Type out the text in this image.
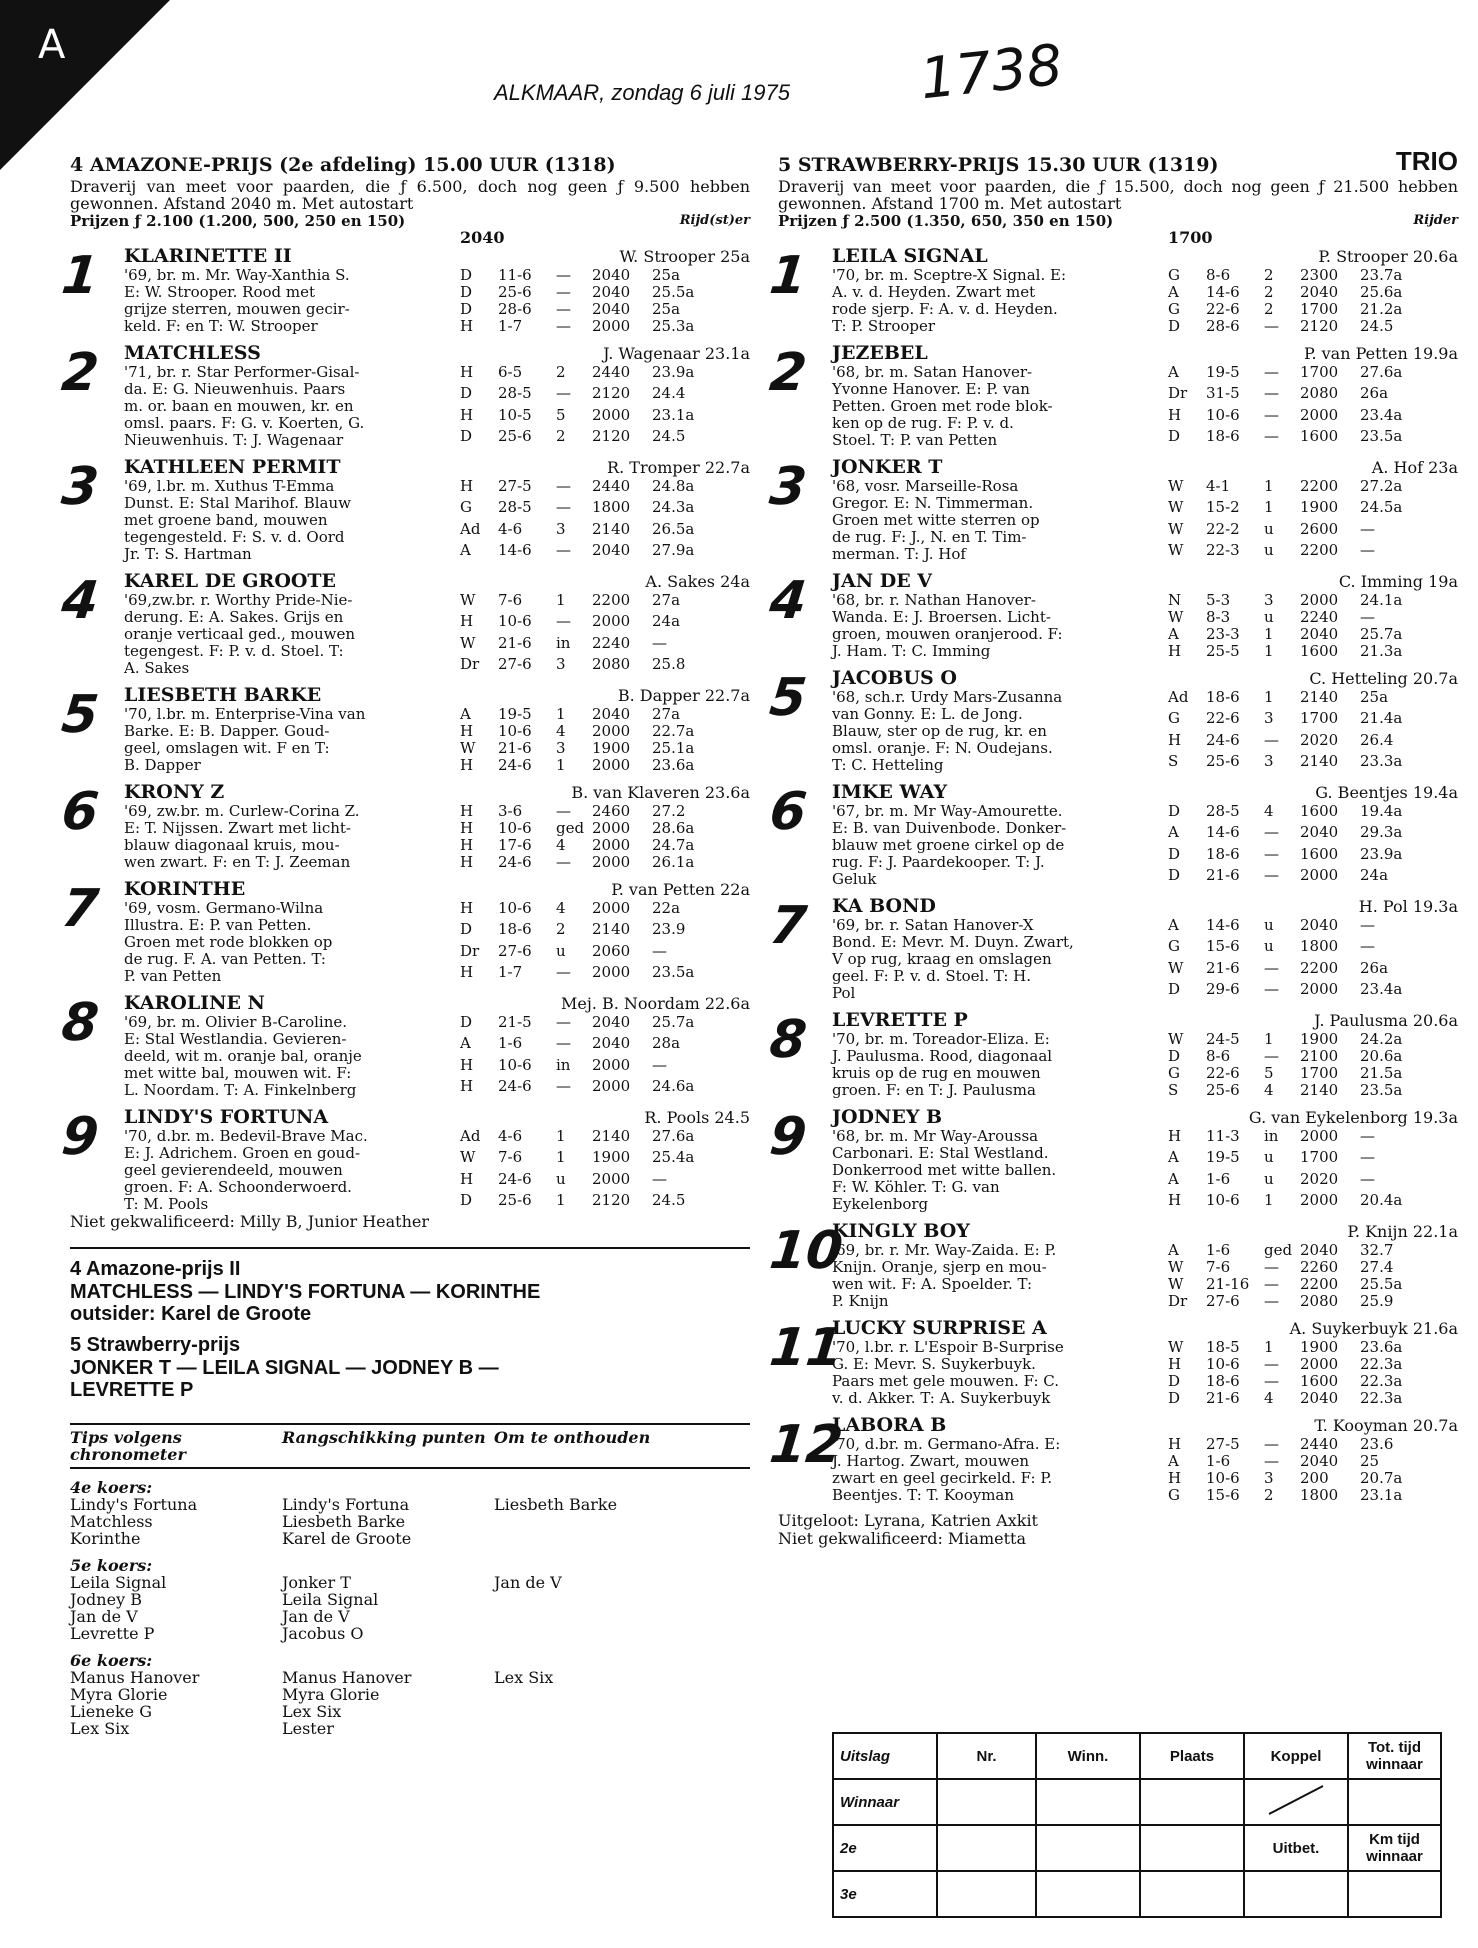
A
ALKMAAR, zondag 6 juli 1975 1738
4 AMAZONE-PRIJS (2e afdeling) 15.00 UUR (1318)
Draverij van meet voor paarden, die ƒ 6.500, doch nog geen ƒ 9.500 hebben gewonnen. Afstand 2040 m. Met autostart
Prijzen ƒ 2.100 (1.200, 500, 250 en 150)	Rijd(st)er
2040
1 KLARINETTE II	W. Strooper 25a
'69, br. m. Mr. Way-Xanthia S.
E: W. Strooper. Rood met
grijze sterren, mouwen gecir-
keld. F: en T: W. Strooper
D	11-6	—	2040	25a
D	25-6	—	2040	25.5a
D	28-6	—	2040	25a
H	1-7	—	2000	25.3a
2 MATCHLESS	J. Wagenaar 23.1a
'71, br. r. Star Performer-Gisal-
da. E: G. Nieuwenhuis. Paars
m. or. baan en mouwen, kr. en
omsl. paars. F: G. v. Koerten, G.
Nieuwenhuis. T: J. Wagenaar
H	6-5	2	2440	23.9a
D	28-5	—	2120	24.4
H	10-5	5	2000	23.1a
D	25-6	2	2120	24.5
3 KATHLEEN PERMIT	R. Tromper 22.7a
'69, l.br. m. Xuthus T-Emma
Dunst. E: Stal Marihof. Blauw
met groene band, mouwen
tegengesteld. F: S. v. d. Oord
Jr. T: S. Hartman
H	27-5	—	2440	24.8a
G	28-5	—	1800	24.3a
Ad	4-6	3	2140	26.5a
A	14-6	—	2040	27.9a
4 KAREL DE GROOTE	A. Sakes 24a
'69,zw.br. r. Worthy Pride-Nie-
derung. E: A. Sakes. Grijs en
oranje verticaal ged., mouwen
tegengest. F: P. v. d. Stoel. T:
A. Sakes
W	7-6	1	2200	27a
H	10-6	—	2000	24a
W	21-6	in	2240	—
Dr	27-6	3	2080	25.8
5 LIESBETH BARKE	B. Dapper 22.7a
'70, l.br. m. Enterprise-Vina van
Barke. E: B. Dapper. Goud-
geel, omslagen wit. F en T:
B. Dapper
A	19-5	1	2040	27a
H	10-6	4	2000	22.7a
W	21-6	3	1900	25.1a
H	24-6	1	2000	23.6a
6 KRONY Z	B. van Klaveren 23.6a
'69, zw.br. m. Curlew-Corina Z.
E: T. Nijssen. Zwart met licht-
blauw diagonaal kruis, mou-
wen zwart. F: en T: J. Zeeman
H	3-6	—	2460	27.2
H	10-6	ged 2000	28.6a
H	17-6	4	2000	24.7a
H	24-6	—	2000	26.1a
7 KORINTHE	P. van Petten 22a
'69, vosm. Germano-Wilna
Illustra. E: P. van Petten.
Groen met rode blokken op
de rug. F. A. van Petten. T:
P. van Petten
H	10-6	4	2000	22a
D	18-6	2	2140	23.9
Dr	27-6	u	2060	—
H	1-7	—	2000	23.5a
8 KAROLINE N	Mej. B. Noordam 22.6a
'69, br. m. Olivier B-Caroline.
E: Stal Westlandia. Gevieren-
deeld, wit m. oranje bal, oranje
met witte bal, mouwen wit. F:
L. Noordam. T: A. Finkelnberg
D	21-5	—	2040	25.7a
A	1-6	—	2040	28a
H	10-6	in	2000	—
H	24-6	—	2000	24.6a
9 LINDY'S FORTUNA	R. Pools 24.5
'70, d.br. m. Bedevil-Brave Mac.
E: J. Adrichem. Groen en goud-
geel gevierendeeld, mouwen
groen. F: A. Schoonderwoerd.
T: M. Pools
Ad	4-6	1	2140	27.6a
W	7-6	1	1900	25.4a
H	24-6	u	2000	—
D	25-6	1	2120	24.5
Niet gekwalificeerd: Milly B, Junior Heather
4 Amazone-prijs II
MATCHLESS — LINDY'S FORTUNA — KORINTHE
outsider: Karel de Groote
5 Strawberry-prijs
JONKER T — LEILA SIGNAL — JODNEY B —
LEVRETTE P
Tips volgens chronometer
Rangschikking punten Om te onthouden
4e koers:
Lindy's Fortuna	Lindy's Fortuna	Liesbeth Barke
Matchless	Liesbeth Barke
Korinthe	Karel de Groote
5e koers:
Leila Signal	Jonker T	Jan de V
Jodney B	Leila Signal
Jan de V	Jan de V
Levrette P	Jacobus O
6e koers:
Manus Hanover	Manus Hanover	Lex Six
Myra Glorie	Myra Glorie
Lieneke G	Lex Six
Lex Six	Lester
5 STRAWBERRY-PRIJS 15.30 UUR (1319)	TRIO
Draverij van meet voor paarden, die ƒ 15.500, doch nog geen ƒ 21.500 hebben gewonnen. Afstand 1700 m. Met autostart
Prijzen ƒ 2.500 (1.350, 650, 350 en 150)	Rijder
1700
1 LEILA SIGNAL	P. Strooper 20.6a
'70, br. m. Sceptre-X Signal. E:
A. v. d. Heyden. Zwart met
rode sjerp. F: A. v. d. Heyden.
T: P. Strooper
G	8-6	2	2300	23.7a
A	14-6	2	2040	25.6a
G	22-6	2	1700	21.2a
D	28-6	—	2120	24.5
2 JEZEBEL	P. van Petten 19.9a
'68, br. m. Satan Hanover-
Yvonne Hanover. E: P. van
Petten. Groen met rode blok-
ken op de rug. F: P. v. d.
Stoel. T: P. van Petten
A	19-5	—	1700	27.6a
Dr	31-5	—	2080	26a
H	10-6	—	2000	23.4a
D	18-6	—	1600	23.5a
3 JONKER T	A. Hof 23a
'68, vosr. Marseille-Rosa
Gregor. E: N. Timmerman.
Groen met witte sterren op
de rug. F: J., N. en T. Tim-
merman. T: J. Hof
W	4-1	1	2200	27.2a
W	15-2	1	1900	24.5a
W	22-2	u	2600	—
W	22-3	u	2200	—
4 JAN DE V	C. Imming 19a
'68, br. r. Nathan Hanover-
Wanda. E: J. Broersen. Licht-
groen, mouwen oranjerood. F:
J. Ham. T: C. Imming
N	5-3	3	2000	24.1a
W	8-3	u	2240	—
A	23-3	1	2040	25.7a
H	25-5	1	1600	21.3a
5 JACOBUS O	C. Hetteling 20.7a
'68, sch.r. Urdy Mars-Zusanna
van Gonny. E: L. de Jong.
Blauw, ster op de rug, kr. en
omsl. oranje. F: N. Oudejans.
T: C. Hetteling
Ad	18-6	1	2140	25a
G	22-6	3	1700	21.4a
H	24-6	—	2020	26.4
S	25-6	3	2140	23.3a
6 IMKE WAY	G. Beentjes 19.4a
'67, br. m. Mr Way-Amourette.
E: B. van Duivenbode. Donker-
blauw met groene cirkel op de
rug. F: J. Paardekooper. T: J.
Geluk
D	28-5	4	1600	19.4a
A	14-6	—	2040	29.3a
D	18-6	—	1600	23.9a
D	21-6	—	2000	24a
7 KA BOND	H. Pol 19.3a
'69, br. r. Satan Hanover-X
Bond. E: Mevr. M. Duyn. Zwart,
V op rug, kraag en omslagen
geel. F: P. v. d. Stoel. T: H.
Pol
A	14-6	u	2040	—
G	15-6	u	1800	—
W	21-6	—	2200	26a
D	29-6	—	2000	23.4a
8 LEVRETTE P	J. Paulusma 20.6a
'70, br. m. Toreador-Eliza. E:
J. Paulusma. Rood, diagonaal
kruis op de rug en mouwen
groen. F: en T: J. Paulusma
W	24-5	1	1900	24.2a
D	8-6	—	2100	20.6a
G	22-6	5	1700	21.5a
S	25-6	4	2140	23.5a
9 JODNEY B	G. van Eykelenborg 19.3a
'68, br. m. Mr Way-Aroussa
Carbonari. E: Stal Westland.
Donkerrood met witte ballen.
F: W. Köhler. T: G. van
Eykelenborg
H	11-3	in	2000	—
A	19-5	u	1700	—
A	1-6	u	2020	—
H	10-6	1	2000	20.4a
10
KINGLY BOY	P. Knijn 22.1a
'69, br. r. Mr. Way-Zaida. E: P.
Knijn. Oranje, sjerp en mou-
wen wit. F: A. Spoelder. T:
P. Knijn
A	1-6	ged 2040	32.7
W	7-6	—	2260	27.4
W	21-16 —	2200	25.5a
Dr	27-6	—	2080	25.9
11
LUCKY SURPRISE A	A. Suykerbuyk 21.6a
'70, l.br. r. L'Espoir B-Surprise
G. E: Mevr. S. Suykerbuyk.
Paars met gele mouwen. F: C.
v. d. Akker. T: A. Suykerbuyk
W	18-5	1	1900	23.6a
H	10-6	—	2000	22.3a
D	18-6	—	1600	22.3a
D	21-6	4	2040	22.3a
12
LABORA B	T. Kooyman 20.7a
'70, d.br. m. Germano-Afra. E:
J. Hartog. Zwart, mouwen
zwart en geel gecirkeld. F: P.
Beentjes. T: T. Kooyman
H	27-5	—	2440	23.6
A	1-6	—	2040	25
H	10-6	3	200	20.7a
G	15-6	2	1800	23.1a
Uitgeloot: Lyrana, Katrien Axkit
Niet gekwalificeerd: Miametta
Uitslag	Nr.	Winn.	Plaats	Koppel	Tot. tijd winnaar
Winnaar					
2e				Uitbet.	Km tijd winnaar
3e					
